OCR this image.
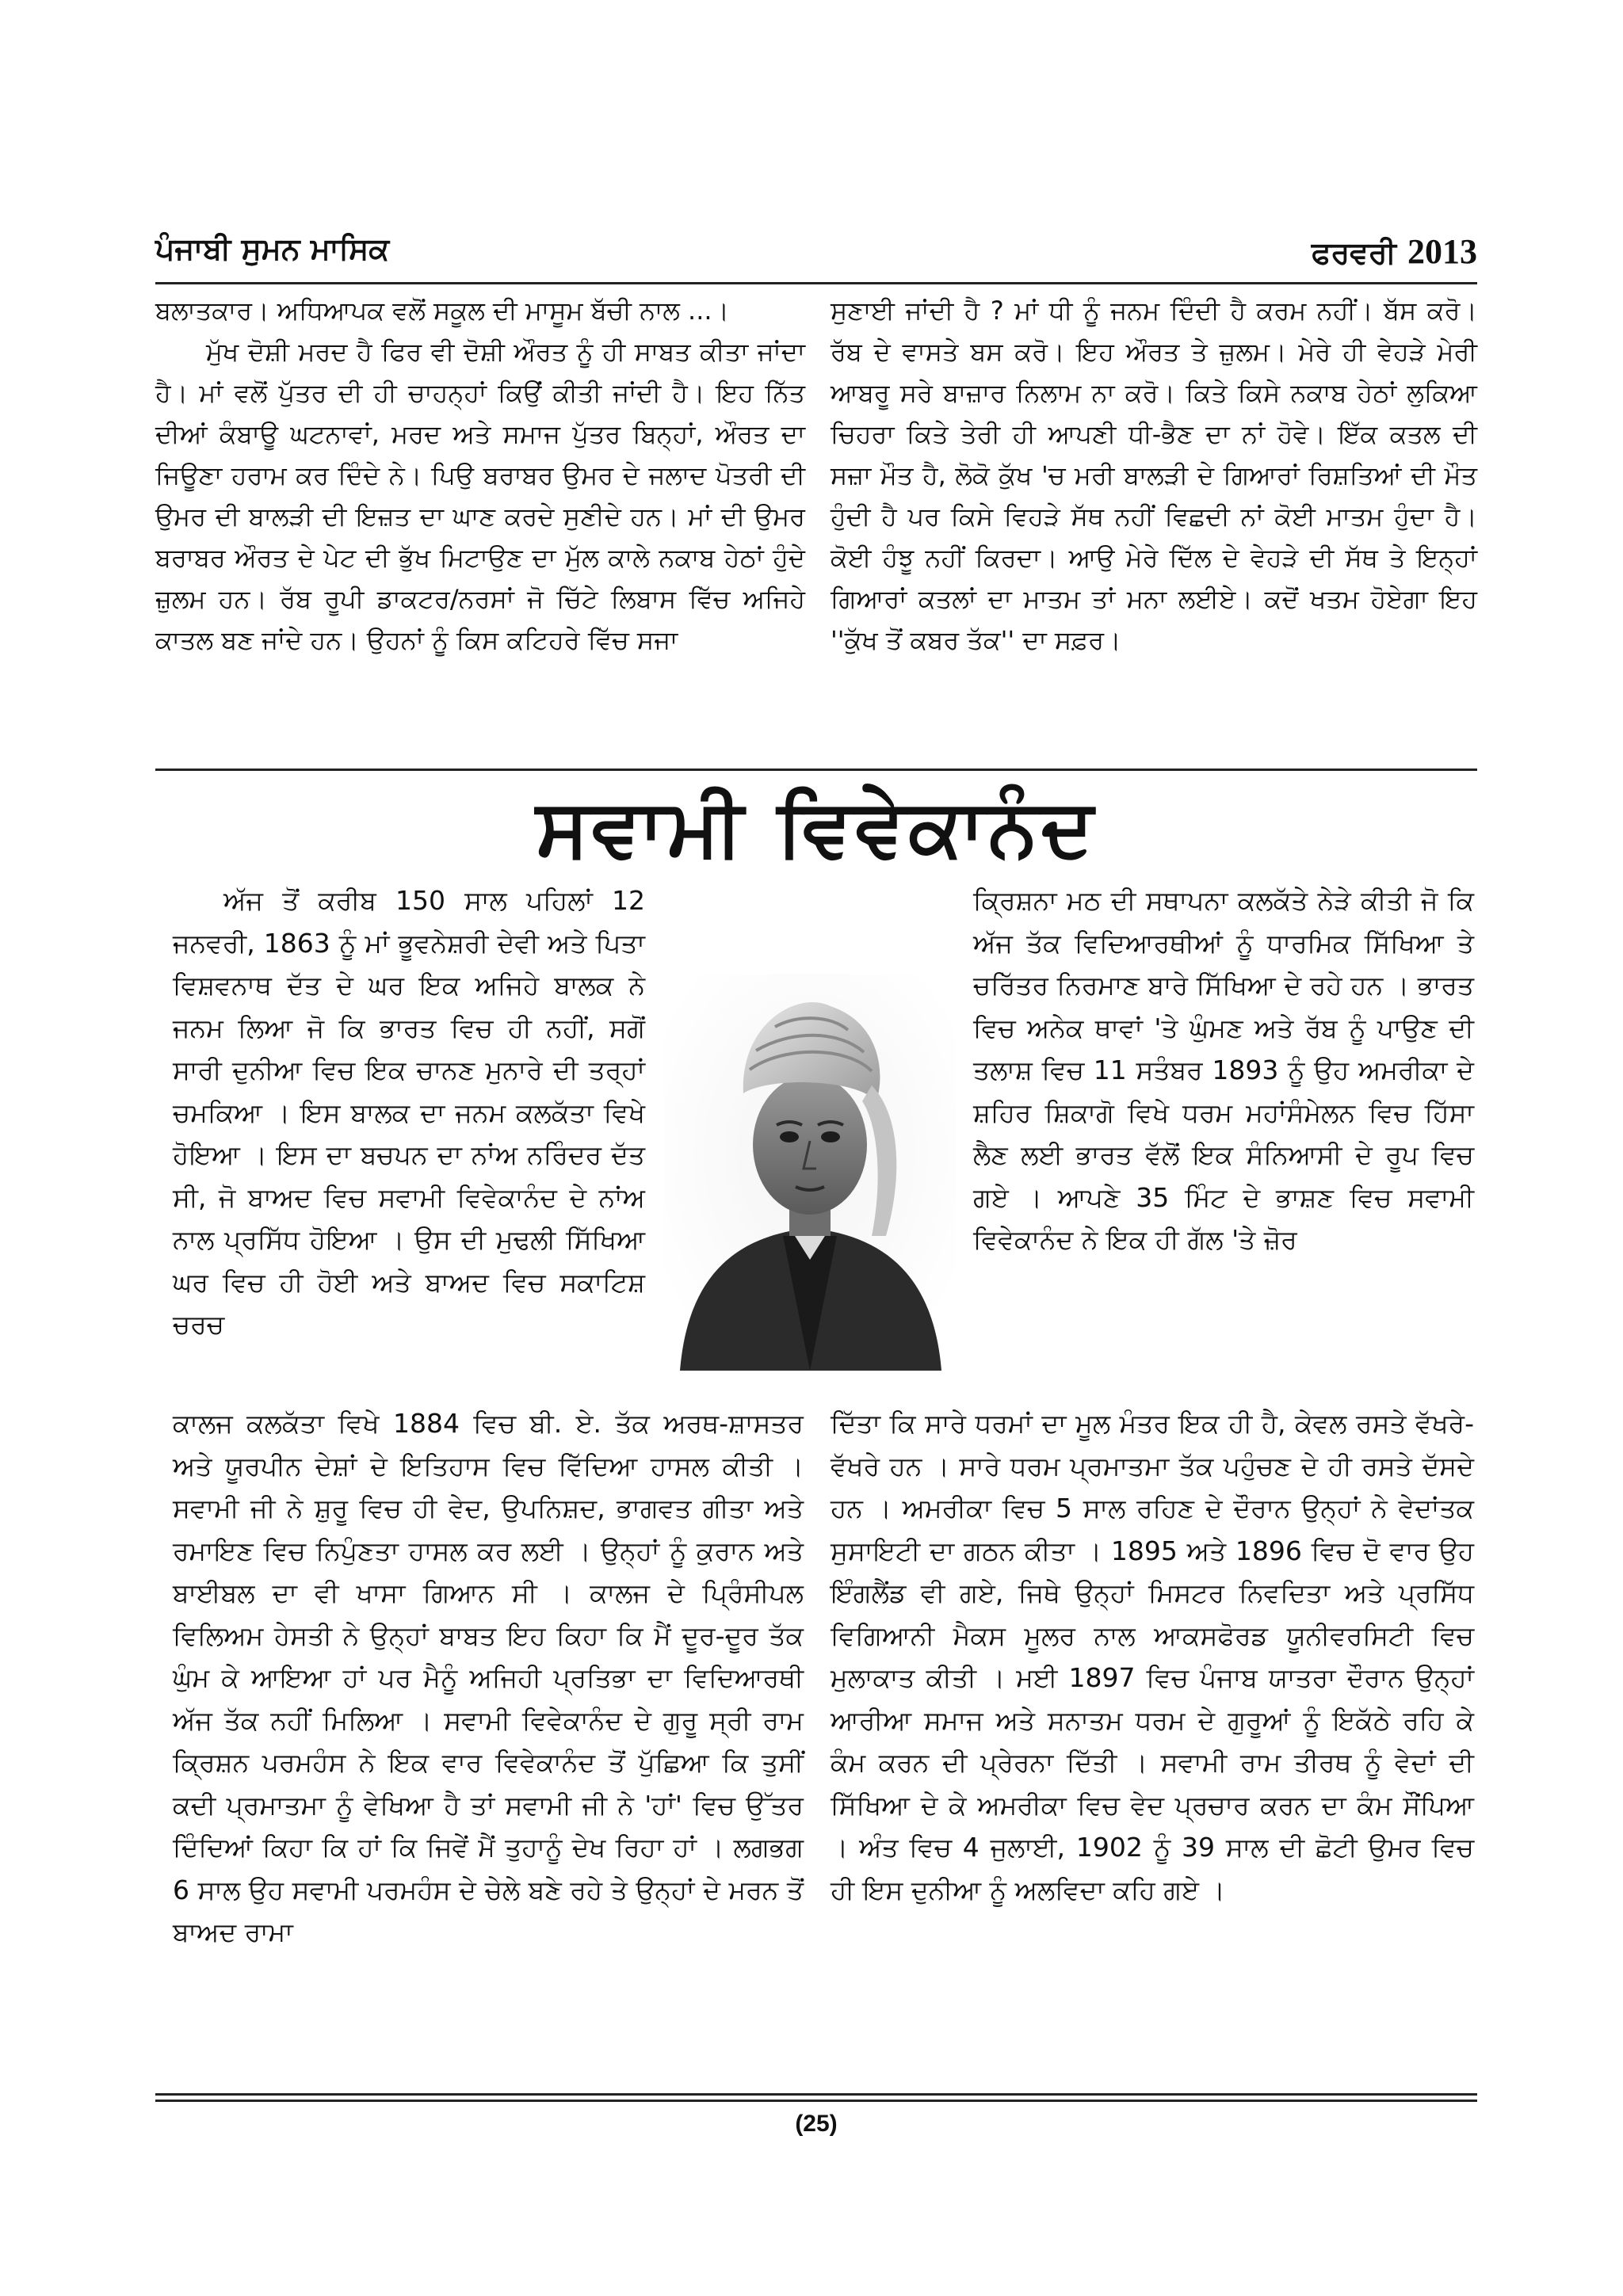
ਪੰਜਾਬੀ ਸੁਮਨ ਮਾਸਿਕ	ਫਰਵਰੀ 2013

ਬਲਾਤਕਾਰ। ਅਧਿਆਪਕ ਵਲੋਂ ਸਕੂਲ ਦੀ ਮਾਸੂਮ ਬੱਚੀ ਨਾਲ ...।

ਮੁੱਖ ਦੋਸ਼ੀ ਮਰਦ ਹੈ ਫਿਰ ਵੀ ਦੋਸ਼ੀ ਔਰਤ ਨੂੰ ਹੀ ਸਾਬਤ ਕੀਤਾ ਜਾਂਦਾ ਹੈ। ਮਾਂ ਵਲੋਂ ਪੁੱਤਰ ਦੀ ਹੀ ਚਾਹਨ੍ਹਾਂ ਕਿਉਂ ਕੀਤੀ ਜਾਂਦੀ ਹੈ। ਇਹ ਨਿੱਤ ਦੀਆਂ ਕੰਬਾਊ ਘਟਨਾਵਾਂ, ਮਰਦ ਅਤੇ ਸਮਾਜ ਪੁੱਤਰ ਬਿਨ੍ਹਾਂ, ਔਰਤ ਦਾ ਜਿਊਣਾ ਹਰਾਮ ਕਰ ਦਿੰਦੇ ਨੇ। ਪਿਉ ਬਰਾਬਰ ਉਮਰ ਦੇ ਜਲਾਦ ਪੋਤਰੀ ਦੀ ਉਮਰ ਦੀ ਬਾਲੜੀ ਦੀ ਇਜ਼ਤ ਦਾ ਘਾਣ ਕਰਦੇ ਸੁਣੀਦੇ ਹਨ। ਮਾਂ ਦੀ ਉਮਰ ਬਰਾਬਰ ਔਰਤ ਦੇ ਪੇਟ ਦੀ ਭੁੱਖ ਮਿਟਾਉਣ ਦਾ ਮੁੱਲ ਕਾਲੇ ਨਕਾਬ ਹੇਠਾਂ ਹੁੰਦੇ ਜ਼ੁਲਮ ਹਨ। ਰੱਬ ਰੂਪੀ ਡਾਕਟਰ/ਨਰਸਾਂ ਜੋ ਚਿੱਟੇ ਲਿਬਾਸ ਵਿੱਚ ਅਜਿਹੇ ਕਾਤਲ ਬਣ ਜਾਂਦੇ ਹਨ। ਉਹਨਾਂ ਨੂੰ ਕਿਸ ਕਟਿਹਰੇ ਵਿੱਚ ਸਜਾ

ਸੁਣਾਈ ਜਾਂਦੀ ਹੈ ? ਮਾਂ ਧੀ ਨੂੰ ਜਨਮ ਦਿੰਦੀ ਹੈ ਕਰਮ ਨਹੀਂ। ਬੱਸ ਕਰੋ। ਰੱਬ ਦੇ ਵਾਸਤੇ ਬਸ ਕਰੋ। ਇਹ ਔਰਤ ਤੇ ਜ਼ੁਲਮ। ਮੇਰੇ ਹੀ ਵੇਹੜੇ ਮੇਰੀ ਆਬਰੂ ਸਰੇ ਬਾਜ਼ਾਰ ਨਿਲਾਮ ਨਾ ਕਰੋ। ਕਿਤੇ ਕਿਸੇ ਨਕਾਬ ਹੇਠਾਂ ਲੁਕਿਆ ਚਿਹਰਾ ਕਿਤੇ ਤੇਰੀ ਹੀ ਆਪਣੀ ਧੀ-ਭੈਣ ਦਾ ਨਾਂ ਹੋਵੇ। ਇੱਕ ਕਤਲ ਦੀ ਸਜ਼ਾ ਮੌਤ ਹੈ, ਲੋਕੋ ਕੁੱਖ 'ਚ ਮਰੀ ਬਾਲੜੀ ਦੇ ਗਿਆਰਾਂ ਰਿਸ਼ਤਿਆਂ ਦੀ ਮੌਤ ਹੁੰਦੀ ਹੈ ਪਰ ਕਿਸੇ ਵਿਹੜੇ ਸੱਥ ਨਹੀਂ ਵਿਛਦੀ ਨਾਂ ਕੋਈ ਮਾਤਮ ਹੁੰਦਾ ਹੈ। ਕੋਈ ਹੰਝੂ ਨਹੀਂ ਕਿਰਦਾ। ਆਉ ਮੇਰੇ ਦਿੱਲ ਦੇ ਵੇਹੜੇ ਦੀ ਸੱਥ ਤੇ ਇਨ੍ਹਾਂ ਗਿਆਰਾਂ ਕਤਲਾਂ ਦਾ ਮਾਤਮ ਤਾਂ ਮਨਾ ਲਈਏ। ਕਦੋਂ ਖਤਮ ਹੋਏਗਾ ਇਹ ''ਕੁੱਖ ਤੋਂ ਕਬਰ ਤੱਕ'' ਦਾ ਸਫ਼ਰ।

ਸਵਾਮੀ ਵਿਵੇਕਾਨੰਦ

ਅੱਜ ਤੋਂ ਕਰੀਬ 150 ਸਾਲ ਪਹਿਲਾਂ 12 ਜਨਵਰੀ, 1863 ਨੂੰ ਮਾਂ ਭੂਵਨੇਸ਼ਰੀ ਦੇਵੀ ਅਤੇ ਪਿਤਾ ਵਿਸ਼ਵਨਾਥ ਦੱਤ ਦੇ ਘਰ ਇਕ ਅਜਿਹੇ ਬਾਲਕ ਨੇ ਜਨਮ ਲਿਆ ਜੋ ਕਿ ਭਾਰਤ ਵਿਚ ਹੀ ਨਹੀਂ, ਸਗੋਂ ਸਾਰੀ ਦੁਨੀਆ ਵਿਚ ਇਕ ਚਾਨਣ ਮੁਨਾਰੇ ਦੀ ਤਰ੍ਹਾਂ ਚਮਕਿਆ । ਇਸ ਬਾਲਕ ਦਾ ਜਨਮ ਕਲਕੱਤਾ ਵਿਖੇ ਹੋਇਆ । ਇਸ ਦਾ ਬਚਪਨ ਦਾ ਨਾਂਅ ਨਰਿੰਦਰ ਦੱਤ ਸੀ, ਜੋ ਬਾਅਦ ਵਿਚ ਸਵਾਮੀ ਵਿਵੇਕਾਨੰਦ ਦੇ ਨਾਂਅ ਨਾਲ ਪ੍ਰਸਿੱਧ ਹੋਇਆ । ਉਸ ਦੀ ਮੁਢਲੀ ਸਿੱਖਿਆ ਘਰ ਵਿਚ ਹੀ ਹੋਈ ਅਤੇ ਬਾਅਦ ਵਿਚ ਸਕਾਟਿਸ਼ ਚਰਚ

ਕ੍ਰਿਸ਼ਨਾ ਮਠ ਦੀ ਸਥਾਪਨਾ ਕਲਕੱਤੇ ਨੇੜੇ ਕੀਤੀ ਜੋ ਕਿ ਅੱਜ ਤੱਕ ਵਿਦਿਆਰਥੀਆਂ ਨੂੰ ਧਾਰਮਿਕ ਸਿੱਖਿਆ ਤੇ ਚਰਿੱਤਰ ਨਿਰਮਾਣ ਬਾਰੇ ਸਿੱਖਿਆ ਦੇ ਰਹੇ ਹਨ । ਭਾਰਤ ਵਿਚ ਅਨੇਕ ਥਾਵਾਂ 'ਤੇ ਘੁੰਮਣ ਅਤੇ ਰੱਬ ਨੂੰ ਪਾਉਣ ਦੀ ਤਲਾਸ਼ ਵਿਚ 11 ਸਤੰਬਰ 1893 ਨੂੰ ਉਹ ਅਮਰੀਕਾ ਦੇ ਸ਼ਹਿਰ ਸ਼ਿਕਾਗੋ ਵਿਖੇ ਧਰਮ ਮਹਾਂਸੰਮੇਲਨ ਵਿਚ ਹਿੱਸਾ ਲੈਣ ਲਈ ਭਾਰਤ ਵੱਲੋਂ ਇਕ ਸੰਨਿਆਸੀ ਦੇ ਰੂਪ ਵਿਚ ਗਏ । ਆਪਣੇ 35 ਮਿੰਟ ਦੇ ਭਾਸ਼ਣ ਵਿਚ ਸਵਾਮੀ ਵਿਵੇਕਾਨੰਦ ਨੇ ਇਕ ਹੀ ਗੱਲ 'ਤੇ ਜ਼ੋਰ

ਕਾਲਜ ਕਲਕੱਤਾ ਵਿਖੇ 1884 ਵਿਚ ਬੀ. ਏ. ਤੱਕ ਅਰਥ-ਸ਼ਾਸਤਰ ਅਤੇ ਯੂਰਪੀਨ ਦੇਸ਼ਾਂ ਦੇ ਇਤਿਹਾਸ ਵਿਚ ਵਿੱਦਿਆ ਹਾਸਲ ਕੀਤੀ । ਸਵਾਮੀ ਜੀ ਨੇ ਸ਼ੁਰੂ ਵਿਚ ਹੀ ਵੇਦ, ਉਪਨਿਸ਼ਦ, ਭਾਗਵਤ ਗੀਤਾ ਅਤੇ ਰਮਾਇਣ ਵਿਚ ਨਿਪੁੰਣਤਾ ਹਾਸਲ ਕਰ ਲਈ । ਉਨ੍ਹਾਂ ਨੂੰ ਕੁਰਾਨ ਅਤੇ ਬਾਈਬਲ ਦਾ ਵੀ ਖਾਸਾ ਗਿਆਨ ਸੀ । ਕਾਲਜ ਦੇ ਪ੍ਰਿੰਸੀਪਲ ਵਿਲਿਅਮ ਹੇਸਤੀ ਨੇ ਉਨ੍ਹਾਂ ਬਾਬਤ ਇਹ ਕਿਹਾ ਕਿ ਮੈਂ ਦੂਰ-ਦੂਰ ਤੱਕ ਘੁੰਮ ਕੇ ਆਇਆ ਹਾਂ ਪਰ ਮੈਨੂੰ ਅਜਿਹੀ ਪ੍ਰਤਿਭਾ ਦਾ ਵਿਦਿਆਰਥੀ ਅੱਜ ਤੱਕ ਨਹੀਂ ਮਿਲਿਆ । ਸਵਾਮੀ ਵਿਵੇਕਾਨੰਦ ਦੇ ਗੁਰੂ ਸ੍ਰੀ ਰਾਮ ਕ੍ਰਿਸ਼ਨ ਪਰਮਹੰਸ ਨੇ ਇਕ ਵਾਰ ਵਿਵੇਕਾਨੰਦ ਤੋਂ ਪੁੱਛਿਆ ਕਿ ਤੁਸੀਂ ਕਦੀ ਪ੍ਰਮਾਤਮਾ ਨੂੰ ਵੇਖਿਆ ਹੈ ਤਾਂ ਸਵਾਮੀ ਜੀ ਨੇ 'ਹਾਂ' ਵਿਚ ਉੱਤਰ ਦਿੰਦਿਆਂ ਕਿਹਾ ਕਿ ਹਾਂ ਕਿ ਜਿਵੇਂ ਮੈਂ ਤੁਹਾਨੂੰ ਦੇਖ ਰਿਹਾ ਹਾਂ । ਲਗਭਗ 6 ਸਾਲ ਉਹ ਸਵਾਮੀ ਪਰਮਹੰਸ ਦੇ ਚੇਲੇ ਬਣੇ ਰਹੇ ਤੇ ਉਨ੍ਹਾਂ ਦੇ ਮਰਨ ਤੋਂ ਬਾਅਦ ਰਾਮਾ

ਦਿੱਤਾ ਕਿ ਸਾਰੇ ਧਰਮਾਂ ਦਾ ਮੂਲ ਮੰਤਰ ਇਕ ਹੀ ਹੈ, ਕੇਵਲ ਰਸਤੇ ਵੱਖਰੇ-ਵੱਖਰੇ ਹਨ । ਸਾਰੇ ਧਰਮ ਪ੍ਰਮਾਤਮਾ ਤੱਕ ਪਹੁੰਚਣ ਦੇ ਹੀ ਰਸਤੇ ਦੱਸਦੇ ਹਨ । ਅਮਰੀਕਾ ਵਿਚ 5 ਸਾਲ ਰਹਿਣ ਦੇ ਦੌਰਾਨ ਉਨ੍ਹਾਂ ਨੇ ਵੇਦਾਂਤਕ ਸੁਸਾਇਟੀ ਦਾ ਗਠਨ ਕੀਤਾ । 1895 ਅਤੇ 1896 ਵਿਚ ਦੋ ਵਾਰ ਉਹ ਇੰਗਲੈਂਡ ਵੀ ਗਏ, ਜਿਥੇ ਉਨ੍ਹਾਂ ਮਿਸਟਰ ਨਿਵਦਿਤਾ ਅਤੇ ਪ੍ਰਸਿੱਧ ਵਿਗਿਆਨੀ ਮੈਕਸ ਮੂਲਰ ਨਾਲ ਆਕਸਫੋਰਡ ਯੂਨੀਵਰਸਿਟੀ ਵਿਚ ਮੁਲਾਕਾਤ ਕੀਤੀ । ਮਈ 1897 ਵਿਚ ਪੰਜਾਬ ਯਾਤਰਾ ਦੌਰਾਨ ਉਨ੍ਹਾਂ ਆਰੀਆ ਸਮਾਜ ਅਤੇ ਸਨਾਤਮ ਧਰਮ ਦੇ ਗੁਰੂਆਂ ਨੂੰ ਇਕੱਠੇ ਰਹਿ ਕੇ ਕੰਮ ਕਰਨ ਦੀ ਪ੍ਰੇਰਨਾ ਦਿੱਤੀ । ਸਵਾਮੀ ਰਾਮ ਤੀਰਥ ਨੂੰ ਵੇਦਾਂ ਦੀ ਸਿੱਖਿਆ ਦੇ ਕੇ ਅਮਰੀਕਾ ਵਿਚ ਵੇਦ ਪ੍ਰਚਾਰ ਕਰਨ ਦਾ ਕੰਮ ਸੌਂਪਿਆ । ਅੰਤ ਵਿਚ 4 ਜੁਲਾਈ, 1902 ਨੂੰ 39 ਸਾਲ ਦੀ ਛੋਟੀ ਉਮਰ ਵਿਚ ਹੀ ਇਸ ਦੁਨੀਆ ਨੂੰ ਅਲਵਿਦਾ ਕਹਿ ਗਏ ।

(25)
